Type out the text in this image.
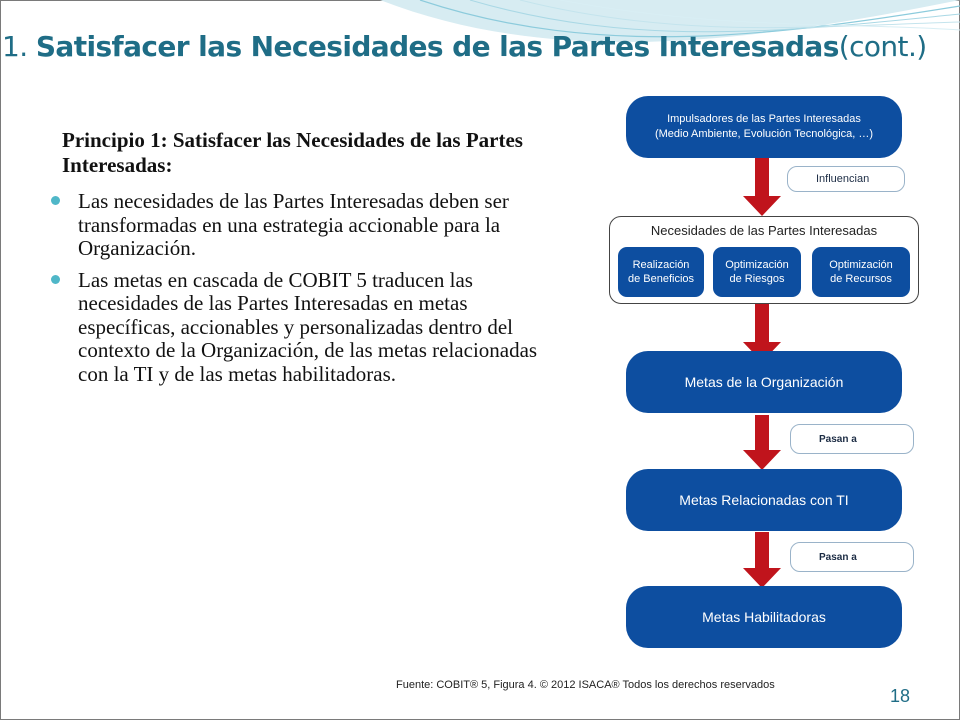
1. Satisfacer las Necesidades de las Partes Interesadas(cont.)

Principio 1: Satisfacer las Necesidades de las Partes Interesadas:

Las necesidades de las Partes Interesadas deben ser transformadas en una estrategia accionable para la Organización.
Las metas en cascada de COBIT 5 traducen las necesidades de las Partes Interesadas en metas específicas, accionables y personalizadas dentro del contexto de la Organización, de las metas relacionadas con la TI y de las metas habilitadoras.
Impulsadores de las Partes Interesadas
(Medio Ambiente, Evolución Tecnológica, …)
Influencian
Necesidades de las Partes Interesadas
Realización
de Beneficios
Optimización
de Riesgos
Optimización
de Recursos
Metas de la Organización
Pasan a
Metas Relacionadas con TI
Pasan a
Metas Habilitadoras
Fuente: COBIT® 5, Figura 4. © 2012 ISACA® Todos los derechos reservados
18
